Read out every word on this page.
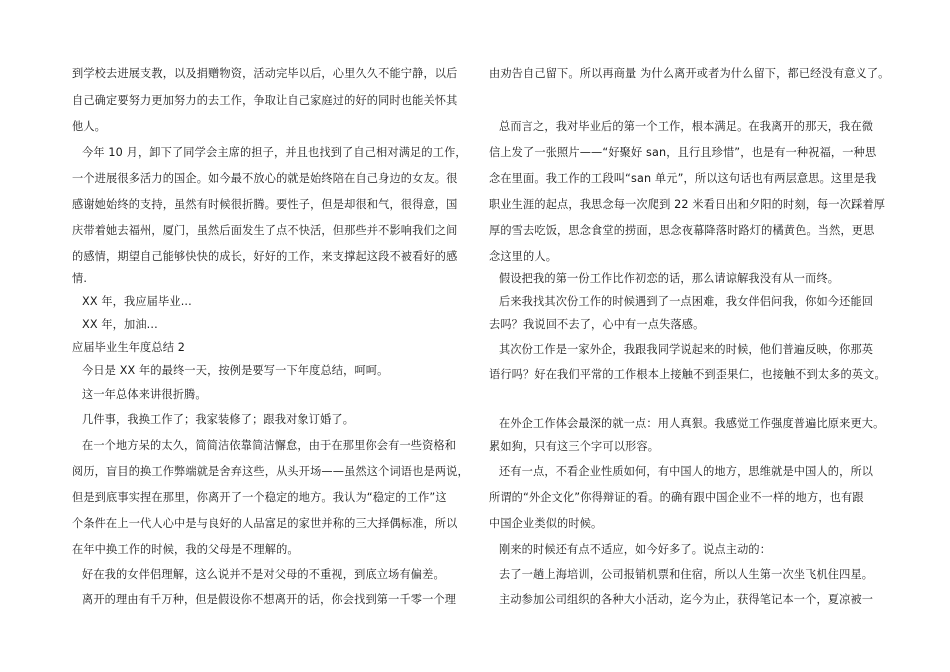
到学校去进展支教，以及捐赠物资，活动完毕以后，心里久久不能宁静，以后
自己确定要努力更加努力的去工作，争取让自己家庭过的好的同时也能关怀其
他人。
今年 10 月，卸下了同学会主席的担子，并且也找到了自己相对满足的工作，
一个进展很多活力的国企。如今最不放心的就是始终陪在自己身边的女友。很
感谢她始终的支持，虽然有时候很折腾。要性子，但是却很和气，很得意，国
庆带着她去福州，厦门，虽然后面发生了点不快活，但那些并不影响我们之间
的感情，期望自己能够快快的成长，好好的工作，来支撑起这段不被看好的感
情.
XX 年，我应届毕业...
XX 年，加油...
应届毕业生年度总结 2
今日是 XX 年的最终一天，按例是要写一下年度总结，呵呵。
这一年总体来讲很折腾。
几件事，我换工作了；我家装修了；跟我对象订婚了。
在一个地方呆的太久，简简洁依靠简洁懈怠，由于在那里你会有一些资格和
阅历，盲目的换工作弊端就是舍弃这些，从头开场——虽然这个词语也是两说，
但是到底事实捏在那里，你离开了一个稳定的地方。我认为“稳定的工作”这
个条件在上一代人心中是与良好的人品富足的家世并称的三大择偶标准，所以
在年中换工作的时候，我的父母是不理解的。
好在我的女伴侣理解，这么说并不是对父母的不重视，到底立场有偏差。
离开的理由有千万种，但是假设你不想离开的话，你会找到第一千零一个理
由劝告自己留下。所以再商量 为什么离开或者为什么留下，都已经没有意义了。
总而言之，我对毕业后的第一个工作，根本满足。在我离开的那天，我在微
信上发了一张照片——“好聚好 san，且行且珍惜”，也是有一种祝福，一种思
念在里面。我工作的工段叫“san 单元”，所以这句话也有两层意思。这里是我
职业生涯的起点，我思念每一次爬到 22 米看日出和夕阳的时刻，每一次踩着厚
厚的雪去吃饭，思念食堂的捞面，思念夜幕降落时路灯的橘黄色。当然，更思
念这里的人。
假设把我的第一份工作比作初恋的话，那么请谅解我没有从一而终。
后来我找其次份工作的时候遇到了一点困难，我女伴侣问我，你如今还能回
去吗？我说回不去了，心中有一点失落感。
其次份工作是一家外企，我跟我同学说起来的时候，他们普遍反映，你那英
语行吗？好在我们平常的工作根本上接触不到歪果仁，也接触不到太多的英文。
在外企工作体会最深的就一点：用人真狠。我感觉工作强度普遍比原来更大。
累如狗，只有这三个字可以形容。
还有一点，不看企业性质如何，有中国人的地方，思维就是中国人的，所以
所谓的“外企文化”你得辩证的看。的确有跟中国企业不一样的地方，也有跟
中国企业类似的时候。
刚来的时候还有点不适应，如今好多了。说点主动的：
去了一趟上海培训，公司报销机票和住宿，所以人生第一次坐飞机住四星。
主动参加公司组织的各种大小活动，迄今为止，获得笔记本一个，夏凉被一
